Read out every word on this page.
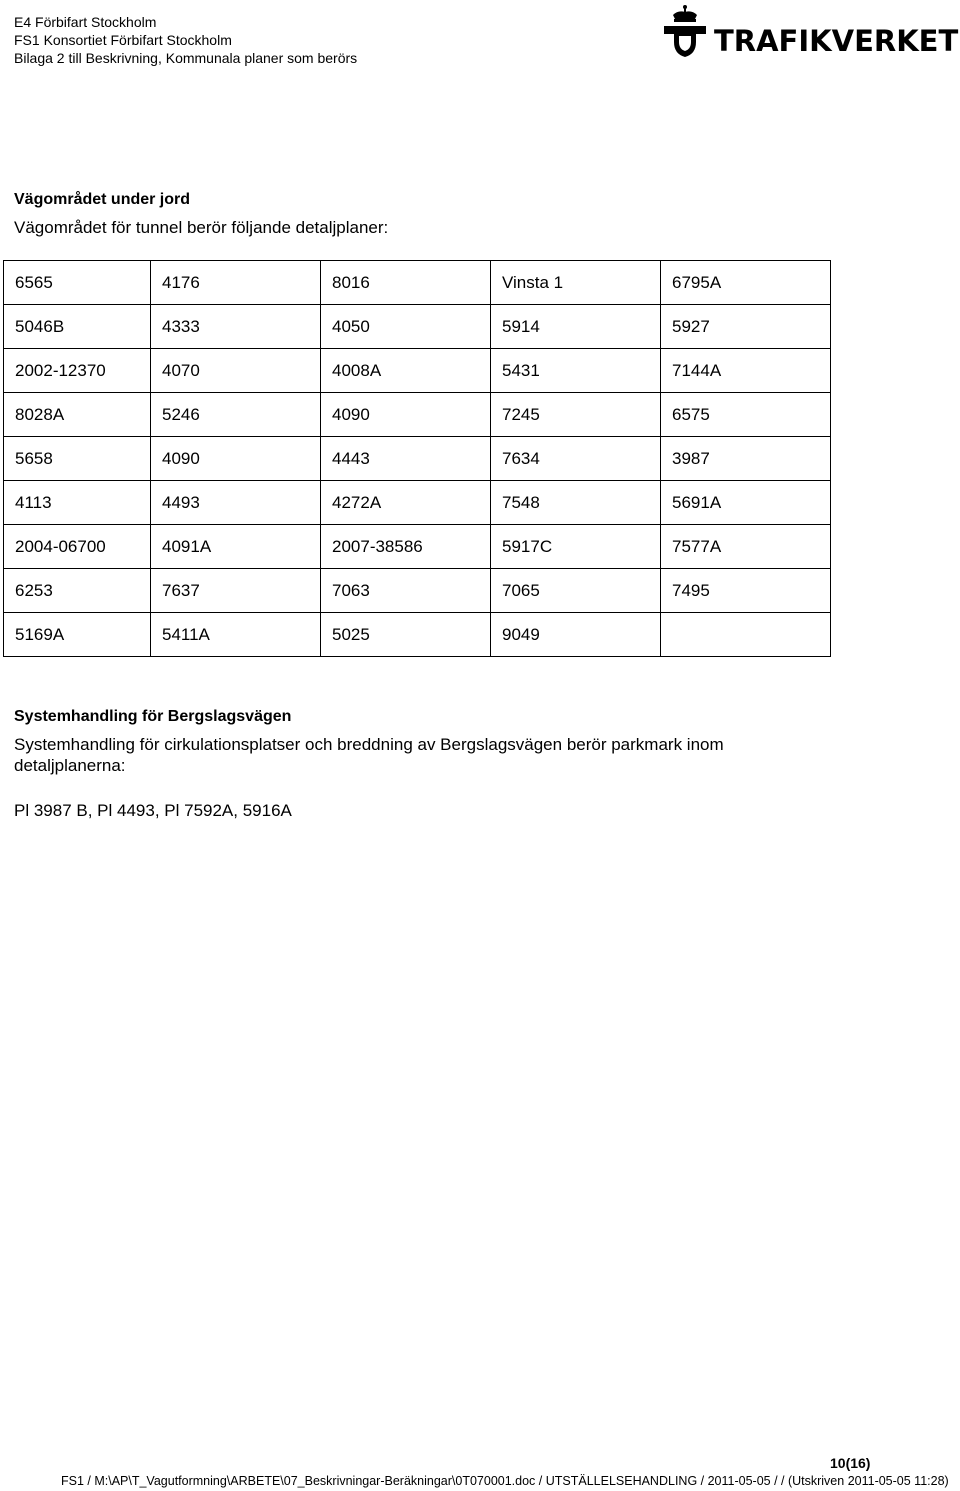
E4 Förbifart Stockholm
FS1 Konsortiet Förbifart Stockholm
Bilaga 2 till Beskrivning, Kommunala planer som berörs	TRAFIKVERKET
Vägområdet under jord
Vägområdet för tunnel berör följande detaljplaner:
6565	4176	8016	Vinsta 1	6795A
5046B	4333	4050	5914	5927
2002-12370	4070	4008A	5431	7144A
8028A	5246	4090	7245	6575
5658	4090	4443	7634	3987
4113	4493	4272A	7548	5691A
2004-06700	4091A	2007-38586	5917C	7577A
6253	7637	7063	7065	7495
5169A	5411A	5025	9049	
Systemhandling för Bergslagsvägen
Systemhandling för cirkulationsplatser och breddning av Bergslagsvägen berör parkmark inom
detaljplanerna:
Pl 3987 B, Pl 4493, Pl 7592A, 5916A
10(16)
FS1 / M:\AP\T_Vagutformning\ARBETE\07_Beskrivningar-Beräkningar\0T070001.doc / UTSTÄLLELSEHANDLING / 2011-05-05 / / (Utskriven 2011-05-05 11:28)
